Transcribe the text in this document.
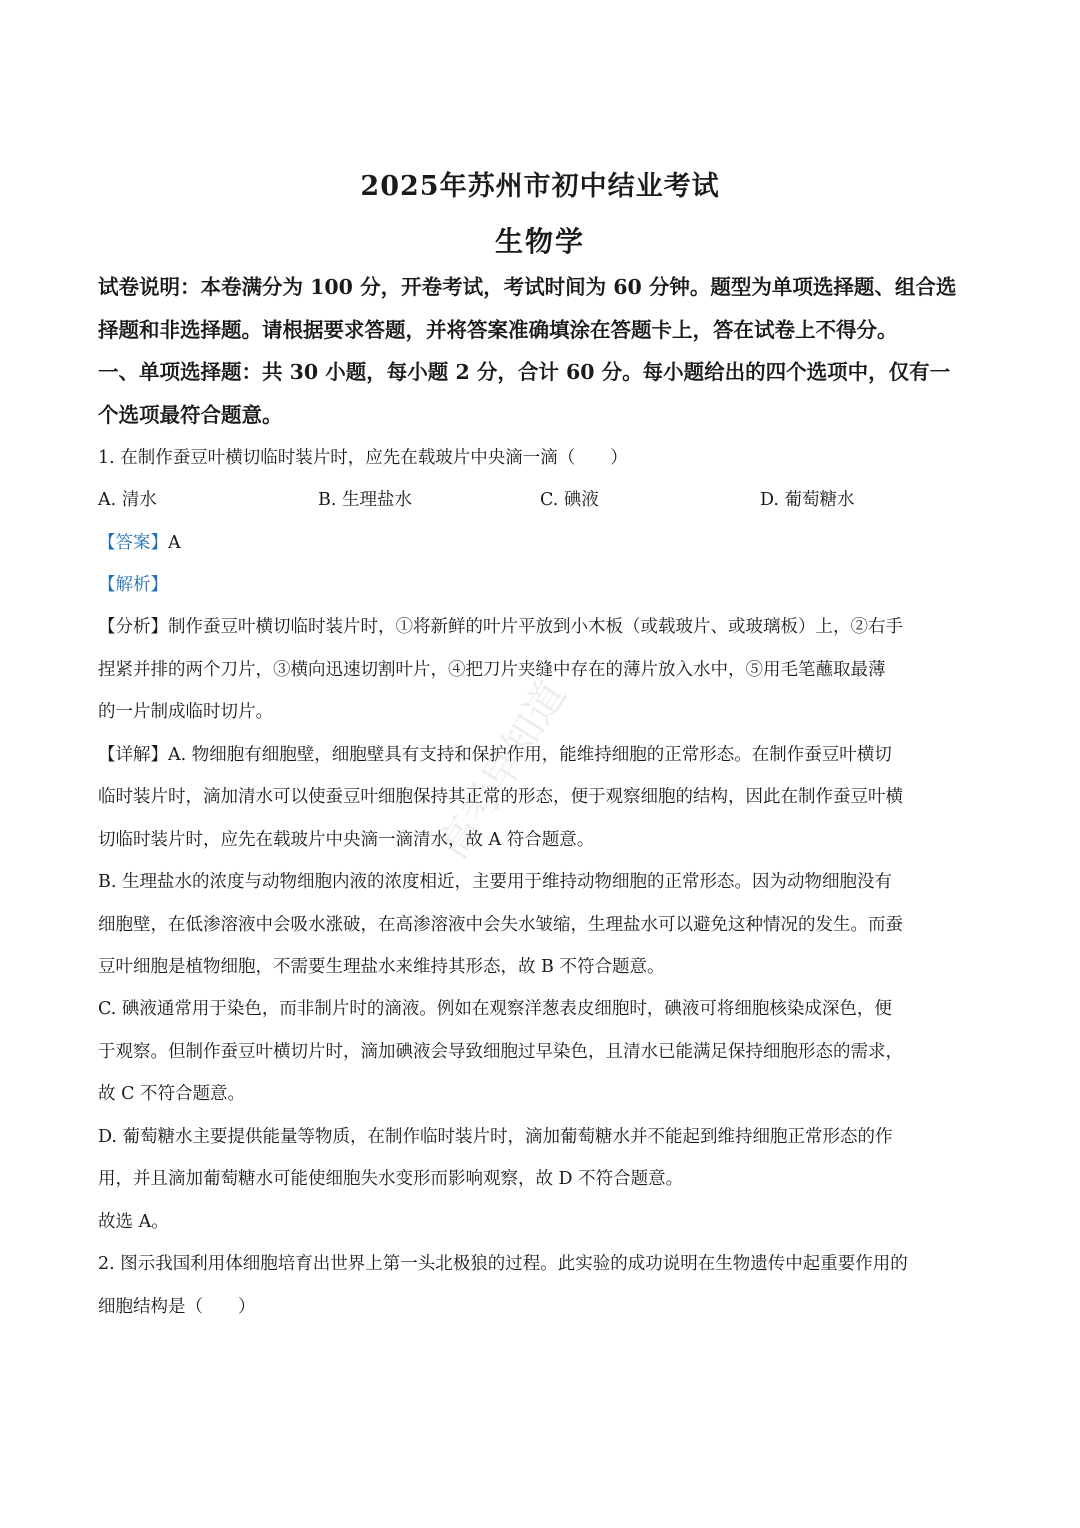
高考早知道
2025年苏州市初中结业考试
生物学
试卷说明：本卷满分为 100 分，开卷考试，考试时间为 60 分钟。题型为单项选择题、组合选
择题和非选择题。请根据要求答题，并将答案准确填涂在答题卡上，答在试卷上不得分。
一、单项选择题：共 30 小题，每小题 2 分，合计 60 分。每小题给出的四个选项中，仅有一
个选项最符合题意。
1. 在制作蚕豆叶横切临时装片时，应先在载玻片中央滴一滴（　　）
A. 清水	B. 生理盐水	C. 碘液	D. 葡萄糖水
【答案】A
【解析】
【分析】制作蚕豆叶横切临时装片时，①将新鲜的叶片平放到小木板（或载玻片、或玻璃板）上，②右手
捏紧并排的两个刀片，③横向迅速切割叶片，④把刀片夹缝中存在的薄片放入水中，⑤用毛笔蘸取最薄
的一片制成临时切片。
【详解】A. 物细胞有细胞壁，细胞壁具有支持和保护作用，能维持细胞的正常形态。在制作蚕豆叶横切
临时装片时，滴加清水可以使蚕豆叶细胞保持其正常的形态，便于观察细胞的结构，因此在制作蚕豆叶横
切临时装片时，应先在载玻片中央滴一滴清水，故 A 符合题意。
B. 生理盐水的浓度与动物细胞内液的浓度相近，主要用于维持动物细胞的正常形态。因为动物细胞没有
细胞壁，在低渗溶液中会吸水涨破，在高渗溶液中会失水皱缩，生理盐水可以避免这种情况的发生。而蚕
豆叶细胞是植物细胞，不需要生理盐水来维持其形态，故 B 不符合题意。
C. 碘液通常用于染色，而非制片时的滴液。例如在观察洋葱表皮细胞时，碘液可将细胞核染成深色，便
于观察。但制作蚕豆叶横切片时，滴加碘液会导致细胞过早染色，且清水已能满足保持细胞形态的需求，
故 C 不符合题意。
D. 葡萄糖水主要提供能量等物质，在制作临时装片时，滴加葡萄糖水并不能起到维持细胞正常形态的作
用，并且滴加葡萄糖水可能使细胞失水变形而影响观察，故 D 不符合题意。
故选 A。
2. 图示我国利用体细胞培育出世界上第一头北极狼的过程。此实验的成功说明在生物遗传中起重要作用的
细胞结构是（　　）
